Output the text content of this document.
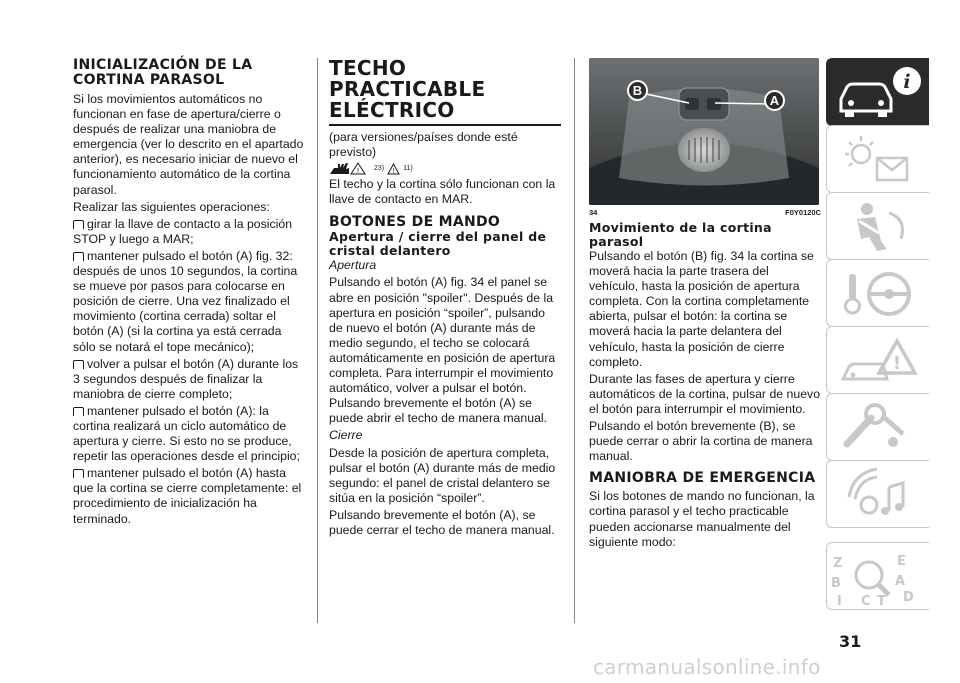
INICIALIZACIÓN DE LA CORTINA PARASOL

Si los movimientos automáticos no funcionan en fase de apertura/cierre o después de realizar una maniobra de emergencia (ver lo descrito en el apartado anterior), es necesario iniciar de nuevo el funcionamiento automático de la cortina parasol.

Realizar las siguientes operaciones:

girar la llave de contacto a la posición STOP y luego a MAR;

mantener pulsado el botón (A) fig. 32: después de unos 10 segundos, la cortina se mueve por pasos para colocarse en posición de cierre. Una vez finalizado el movimiento (cortina cerrada) soltar el botón (A) (si la cortina ya está cerrada sólo se notará el tope mecánico);

volver a pulsar el botón (A) durante los 3 segundos después de finalizar la maniobra de cierre completo;

mantener pulsado el botón (A): la cortina realizará un ciclo automático de apertura y cierre. Si esto no se produce, repetir las operaciones desde el principio;

mantener pulsado el botón (A) hasta que la cortina se cierre completamente: el procedimiento de inicialización ha terminado.

TECHO PRACTICABLE ELÉCTRICO

(para versiones/países donde esté previsto)

! 23) ! 11)

El techo y la cortina sólo funcionan con la llave de contacto en MAR.

BOTONES DE MANDO
Apertura / cierre del panel de cristal delantero

Apertura

Pulsando el botón (A) fig. 34 el panel se abre en posición "spoiler". Después de la apertura en posición “spoiler”, pulsando de nuevo el botón (A) durante más de medio segundo, el techo se colocará automáticamente en posición de apertura completa. Para interrumpir el movimiento automático, volver a pulsar el botón. Pulsando brevemente el botón (A) se puede abrir el techo de manera manual.

Cierre

Desde la posición de apertura completa, pulsar el botón (A) durante más de medio segundo: el panel de cristal delantero se sitúa en la posición “spoiler”.

Pulsando brevemente el botón (A), se puede cerrar el techo de manera manual.

B
A
34	F0Y0120C
Movimiento de la cortina parasol

Pulsando el botón (B) fig. 34 la cortina se moverá hacia la parte trasera del vehículo, hasta la posición de apertura completa. Con la cortina completamente abierta, pulsar el botón: la cortina se moverá hacia la parte delantera del vehículo, hasta la posición de cierre completo.

Durante las fases de apertura y cierre automáticos de la cortina, pulsar de nuevo el botón para interrumpir el movimiento.

Pulsando el botón brevemente (B), se puede cerrar o abrir la cortina de manera manual.

MANIOBRA DE EMERGENCIA

Si los botones de mando no funcionan, la cortina parasol y el techo practicable pueden accionarse manualmente del siguiente modo:

i
!
Z	E
B	A
I C T D
31
carmanualsonline.info
